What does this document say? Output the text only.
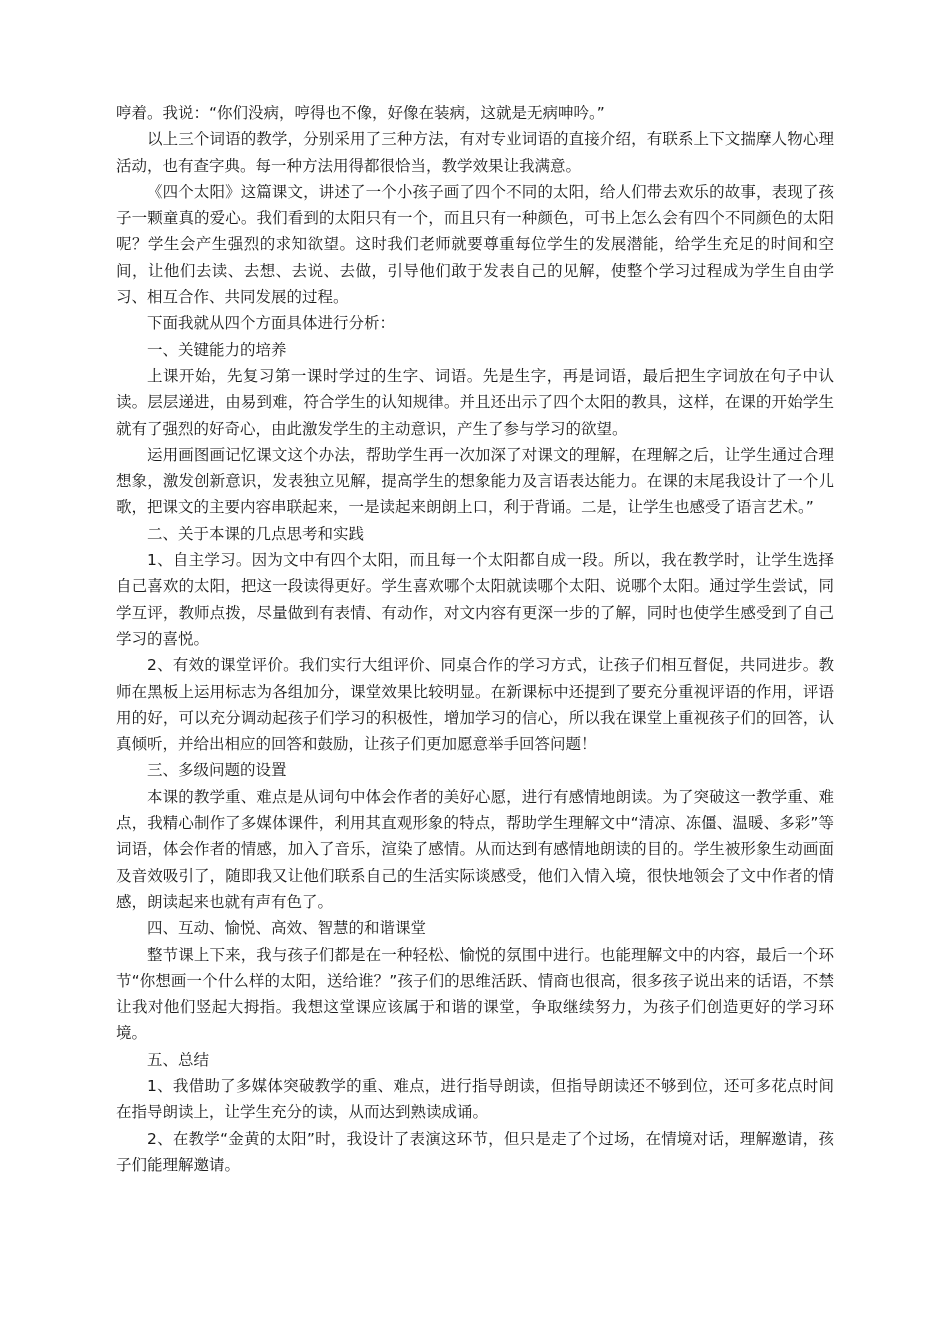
哼着。我说：“你们没病，哼得也不像，好像在装病，这就是无病呻吟。”

以上三个词语的教学，分别采用了三种方法，有对专业词语的直接介绍，有联系上下文揣摩人物心理活动，也有查字典。每一种方法用得都很恰当，教学效果让我满意。

《四个太阳》这篇课文，讲述了一个小孩子画了四个不同的太阳，给人们带去欢乐的故事，表现了孩子一颗童真的爱心。我们看到的太阳只有一个，而且只有一种颜色，可书上怎么会有四个不同颜色的太阳呢？学生会产生强烈的求知欲望。这时我们老师就要尊重每位学生的发展潜能，给学生充足的时间和空间，让他们去读、去想、去说、去做，引导他们敢于发表自己的见解，使整个学习过程成为学生自由学习、相互合作、共同发展的过程。

下面我就从四个方面具体进行分析：

一、关键能力的培养

上课开始，先复习第一课时学过的生字、词语。先是生字，再是词语，最后把生字词放在句子中认读。层层递进，由易到难，符合学生的认知规律。并且还出示了四个太阳的教具，这样，在课的开始学生就有了强烈的好奇心，由此激发学生的主动意识，产生了参与学习的欲望。

运用画图画记忆课文这个办法，帮助学生再一次加深了对课文的理解，在理解之后，让学生通过合理想象，激发创新意识，发表独立见解，提高学生的想象能力及言语表达能力。在课的末尾我设计了一个儿歌，把课文的主要内容串联起来，一是读起来朗朗上口，利于背诵。二是，让学生也感受了语言艺术。”

二、关于本课的几点思考和实践

1、自主学习。因为文中有四个太阳，而且每一个太阳都自成一段。所以，我在教学时，让学生选择自己喜欢的太阳，把这一段读得更好。学生喜欢哪个太阳就读哪个太阳、说哪个太阳。通过学生尝试，同学互评，教师点拨，尽量做到有表情、有动作，对文内容有更深一步的了解，同时也使学生感受到了自己学习的喜悦。

2、有效的课堂评价。我们实行大组评价、同桌合作的学习方式，让孩子们相互督促，共同进步。教师在黑板上运用标志为各组加分，课堂效果比较明显。在新课标中还提到了要充分重视评语的作用，评语用的好，可以充分调动起孩子们学习的积极性，增加学习的信心，所以我在课堂上重视孩子们的回答，认真倾听，并给出相应的回答和鼓励，让孩子们更加愿意举手回答问题！

三、多级问题的设置

本课的教学重、难点是从词句中体会作者的美好心愿，进行有感情地朗读。为了突破这一教学重、难点，我精心制作了多媒体课件，利用其直观形象的特点，帮助学生理解文中“清凉、冻僵、温暖、多彩”等词语，体会作者的情感，加入了音乐，渲染了感情。从而达到有感情地朗读的目的。学生被形象生动画面及音效吸引了，随即我又让他们联系自己的生活实际谈感受，他们入情入境，很快地领会了文中作者的情感，朗读起来也就有声有色了。

四、互动、愉悦、高效、智慧的和谐课堂

整节课上下来，我与孩子们都是在一种轻松、愉悦的氛围中进行。也能理解文中的内容，最后一个环节“你想画一个什么样的太阳，送给谁？”孩子们的思维活跃、情商也很高，很多孩子说出来的话语，不禁让我对他们竖起大拇指。我想这堂课应该属于和谐的课堂，争取继续努力，为孩子们创造更好的学习环境。

五、总结

1、我借助了多媒体突破教学的重、难点，进行指导朗读，但指导朗读还不够到位，还可多花点时间在指导朗读上，让学生充分的读，从而达到熟读成诵。

2、在教学“金黄的太阳”时，我设计了表演这环节，但只是走了个过场，在情境对话，理解邀请，孩子们能理解邀请。
